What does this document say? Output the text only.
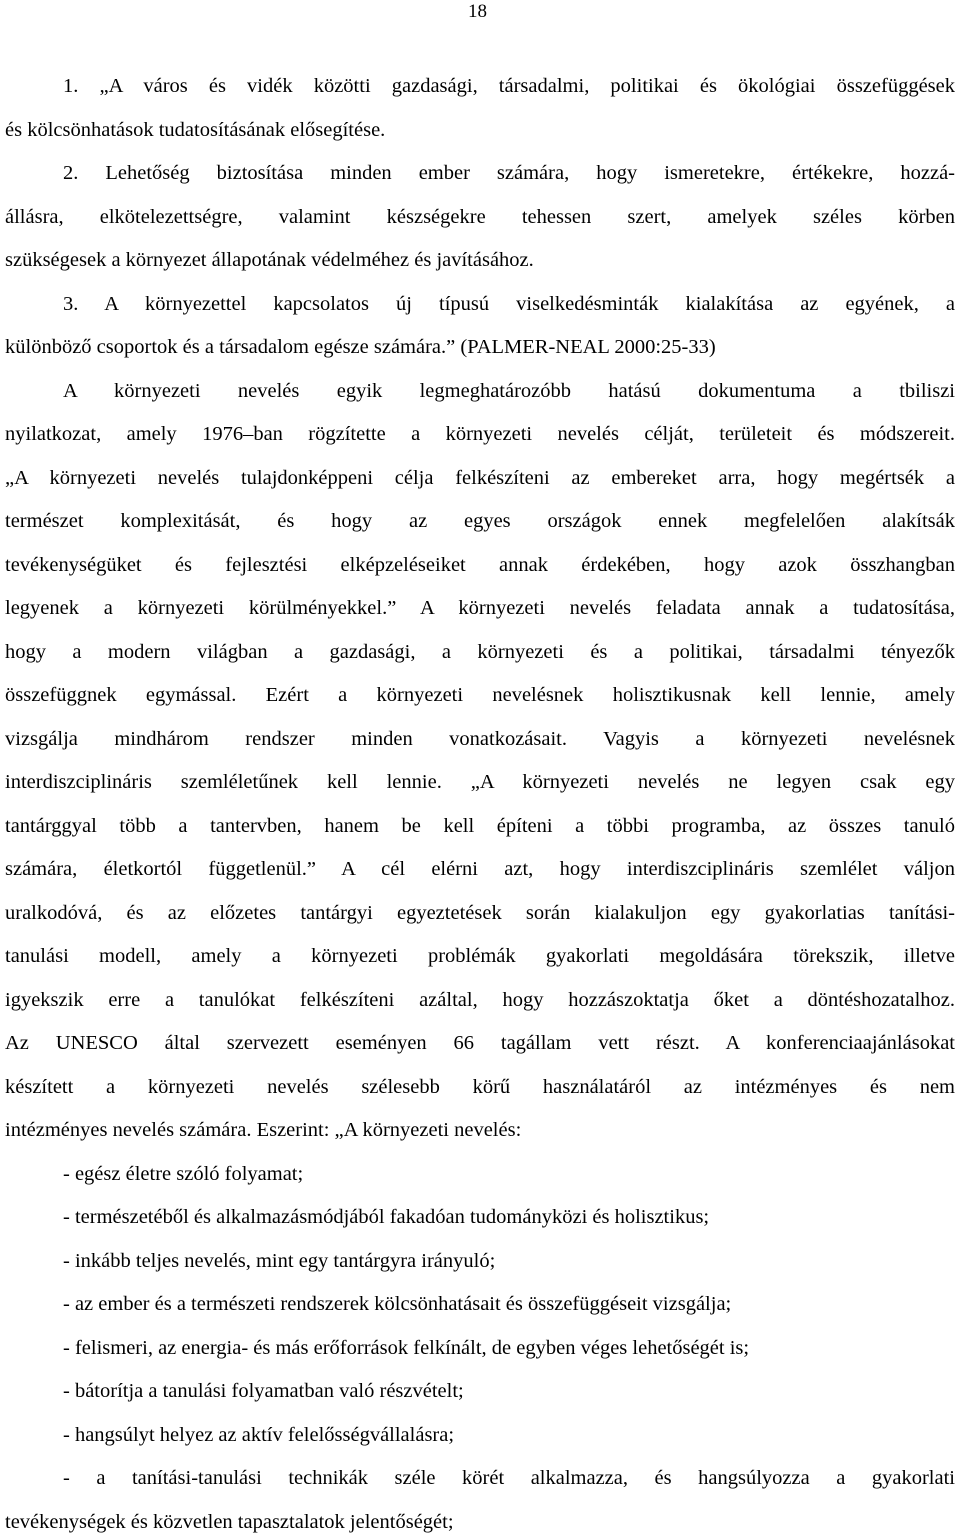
18
1. „A város és vidék közötti gazdasági, társadalmi, politikai és ökológiai összefüggések
és kölcsönhatások tudatosításának elősegítése.
2. Lehetőség biztosítása minden ember számára, hogy ismeretekre, értékekre, hozzá-
állásra, elkötelezettségre, valamint készségekre tehessen szert, amelyek széles körben
szükségesek a környezet állapotának védelméhez és javításához.
3. A környezettel kapcsolatos új típusú viselkedésminták kialakítása az egyének, a
különböző csoportok és a társadalom egésze számára.” (PALMER-NEAL 2000:25-33)
A környezeti nevelés egyik legmeghatározóbb hatású dokumentuma a tbiliszi
nyilatkozat, amely 1976–ban rögzítette a környezeti nevelés célját, területeit és módszereit.
„A környezeti nevelés tulajdonképpeni célja felkészíteni az embereket arra, hogy megértsék a
természet komplexitását, és hogy az egyes országok ennek megfelelően alakítsák
tevékenységüket és fejlesztési elképzeléseiket annak érdekében, hogy azok összhangban
legyenek a környezeti körülményekkel.” A környezeti nevelés feladata annak a tudatosítása,
hogy a modern világban a gazdasági, a környezeti és a politikai, társadalmi tényezők
összefüggnek egymással. Ezért a környezeti nevelésnek holisztikusnak kell lennie, amely
vizsgálja mindhárom rendszer minden vonatkozásait. Vagyis a környezeti nevelésnek
interdiszciplináris szemléletűnek kell lennie. „A környezeti nevelés ne legyen csak egy
tantárggyal több a tantervben, hanem be kell építeni a többi programba, az összes tanuló
számára, életkortól függetlenül.” A cél elérni azt, hogy interdiszciplináris szemlélet váljon
uralkodóvá, és az előzetes tantárgyi egyeztetések során kialakuljon egy gyakorlatias tanítási-
tanulási modell, amely a környezeti problémák gyakorlati megoldására törekszik, illetve
igyekszik erre a tanulókat felkészíteni azáltal, hogy hozzászoktatja őket a döntéshozatalhoz.
Az UNESCO által szervezett eseményen 66 tagállam vett részt. A konferenciaajánlásokat
készített a környezeti nevelés szélesebb körű használatáról az intézményes és nem
intézményes nevelés számára. Eszerint: „A környezeti nevelés:
- egész életre szóló folyamat;
- természetéből és alkalmazásmódjából fakadóan tudományközi és holisztikus;
- inkább teljes nevelés, mint egy tantárgyra irányuló;
- az ember és a természeti rendszerek kölcsönhatásait és összefüggéseit vizsgálja;
- felismeri, az energia- és más erőforrások felkínált, de egyben véges lehetőségét is;
- bátorítja a tanulási folyamatban való részvételt;
- hangsúlyt helyez az aktív felelősségvállalásra;
- a tanítási-tanulási technikák széle körét alkalmazza, és hangsúlyozza a gyakorlati
tevékenységek és közvetlen tapasztalatok jelentőségét;
